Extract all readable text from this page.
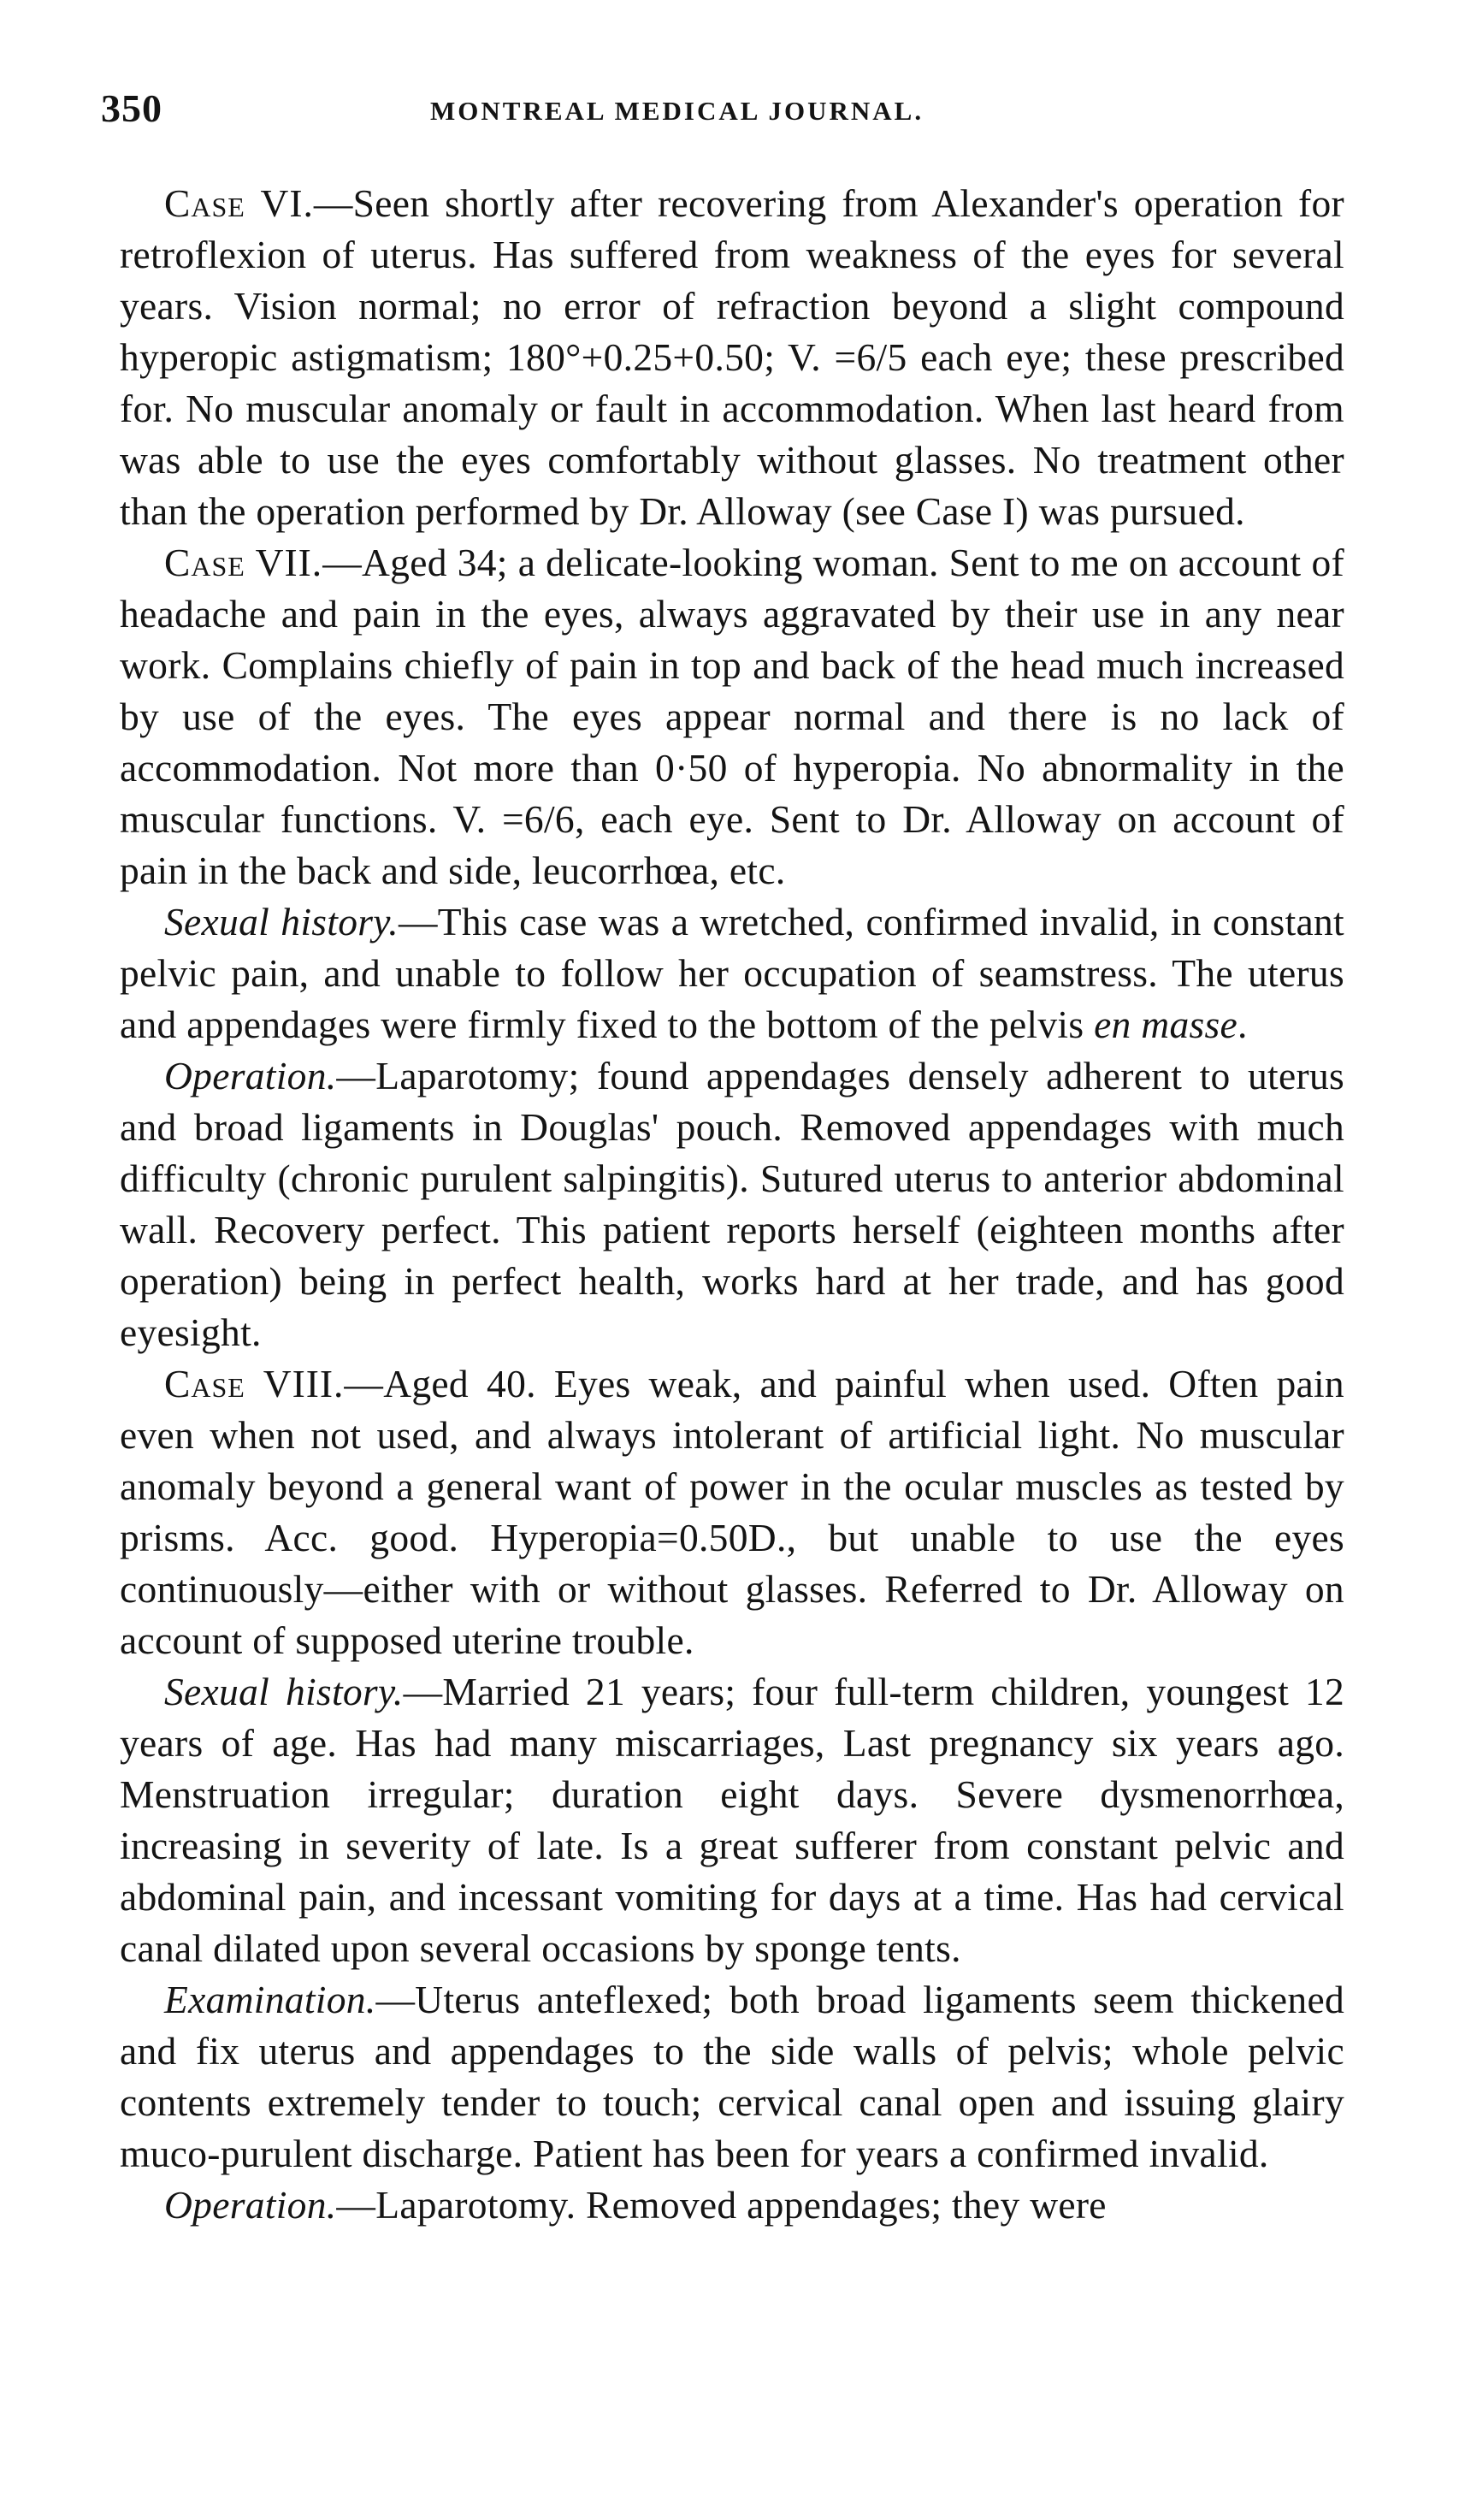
350	MONTREAL MEDICAL JOURNAL.

Case VI.—Seen shortly after recovering from Alexander's operation for retroflexion of uterus. Has suffered from weakness of the eyes for several years. Vision normal; no error of refraction beyond a slight compound hyperopic astigmatism; 180°+0.25+0.50; V. =6/5 each eye; these prescribed for. No muscular anomaly or fault in accommodation. When last heard from was able to use the eyes comfortably without glasses. No treatment other than the operation performed by Dr. Alloway (see Case I) was pursued.

Case VII.—Aged 34; a delicate-looking woman. Sent to me on account of headache and pain in the eyes, always aggravated by their use in any near work. Complains chiefly of pain in top and back of the head much increased by use of the eyes. The eyes appear normal and there is no lack of accommodation. Not more than 0·50 of hyperopia. No abnormality in the muscular functions. V. =6/6, each eye. Sent to Dr. Alloway on account of pain in the back and side, leucorrhœa, etc.

Sexual history.—This case was a wretched, confirmed invalid, in constant pelvic pain, and unable to follow her occupation of seamstress. The uterus and appendages were firmly fixed to the bottom of the pelvis en masse.

Operation.—Laparotomy; found appendages densely adherent to uterus and broad ligaments in Douglas' pouch. Removed appendages with much difficulty (chronic purulent salpingitis). Sutured uterus to anterior abdominal wall. Recovery perfect. This patient reports herself (eighteen months after operation) being in perfect health, works hard at her trade, and has good eyesight.

Case VIII.—Aged 40. Eyes weak, and painful when used. Often pain even when not used, and always intolerant of artificial light. No muscular anomaly beyond a general want of power in the ocular muscles as tested by prisms. Acc. good. Hyperopia=0.50D., but unable to use the eyes continuously—either with or without glasses. Referred to Dr. Alloway on account of supposed uterine trouble.

Sexual history.—Married 21 years; four full-term children, youngest 12 years of age. Has had many miscarriages, Last pregnancy six years ago. Menstruation irregular; duration eight days. Severe dysmenorrhœa, increasing in severity of late. Is a great sufferer from constant pelvic and abdominal pain, and incessant vomiting for days at a time. Has had cervical canal dilated upon several occasions by sponge tents.

Examination.—Uterus anteflexed; both broad ligaments seem thickened and fix uterus and appendages to the side walls of pelvis; whole pelvic contents extremely tender to touch; cervical canal open and issuing glairy muco-purulent discharge. Patient has been for years a confirmed invalid.

Operation.—Laparotomy. Removed appendages; they were
